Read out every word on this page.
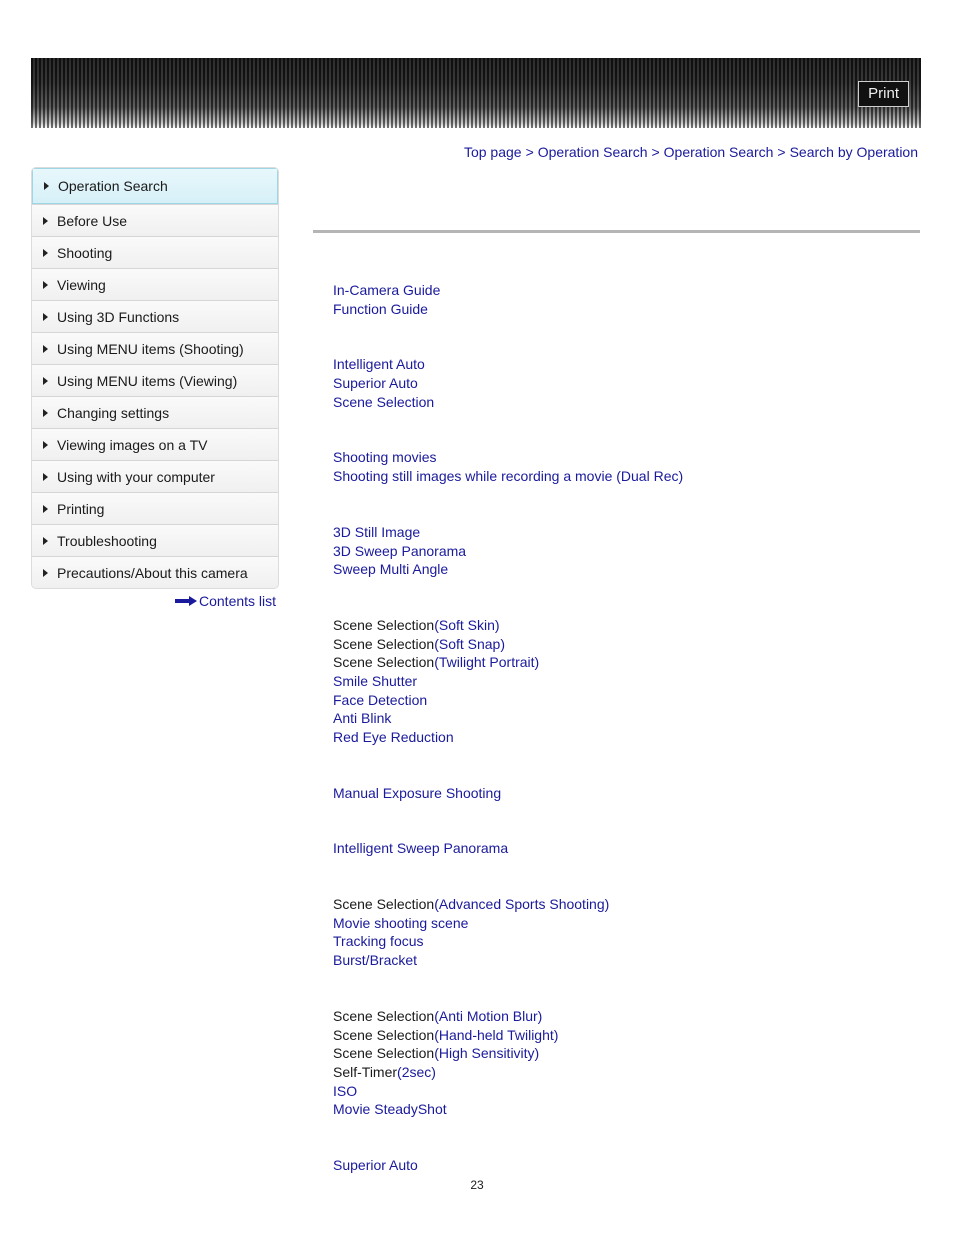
Print
Top page > Operation Search > Operation Search > Search by Operation
Operation Search
Before Use
Shooting
Viewing
Using 3D Functions
Using MENU items (Shooting)
Using MENU items (Viewing)
Changing settings
Viewing images on a TV
Using with your computer
Printing
Troubleshooting
Precautions/About this camera
Contents list
In-Camera Guide
Function Guide
Intelligent Auto
Superior Auto
Scene Selection
Shooting movies
Shooting still images while recording a movie (Dual Rec)
3D Still Image
3D Sweep Panorama
Sweep Multi Angle
Scene Selection(Soft Skin)
Scene Selection(Soft Snap)
Scene Selection(Twilight Portrait)
Smile Shutter
Face Detection
Anti Blink
Red Eye Reduction
Manual Exposure Shooting
Intelligent Sweep Panorama
Scene Selection(Advanced Sports Shooting)
Movie shooting scene
Tracking focus
Burst/Bracket
Scene Selection(Anti Motion Blur)
Scene Selection(Hand-held Twilight)
Scene Selection(High Sensitivity)
Self-Timer(2sec)
ISO
Movie SteadyShot
Superior Auto
23
